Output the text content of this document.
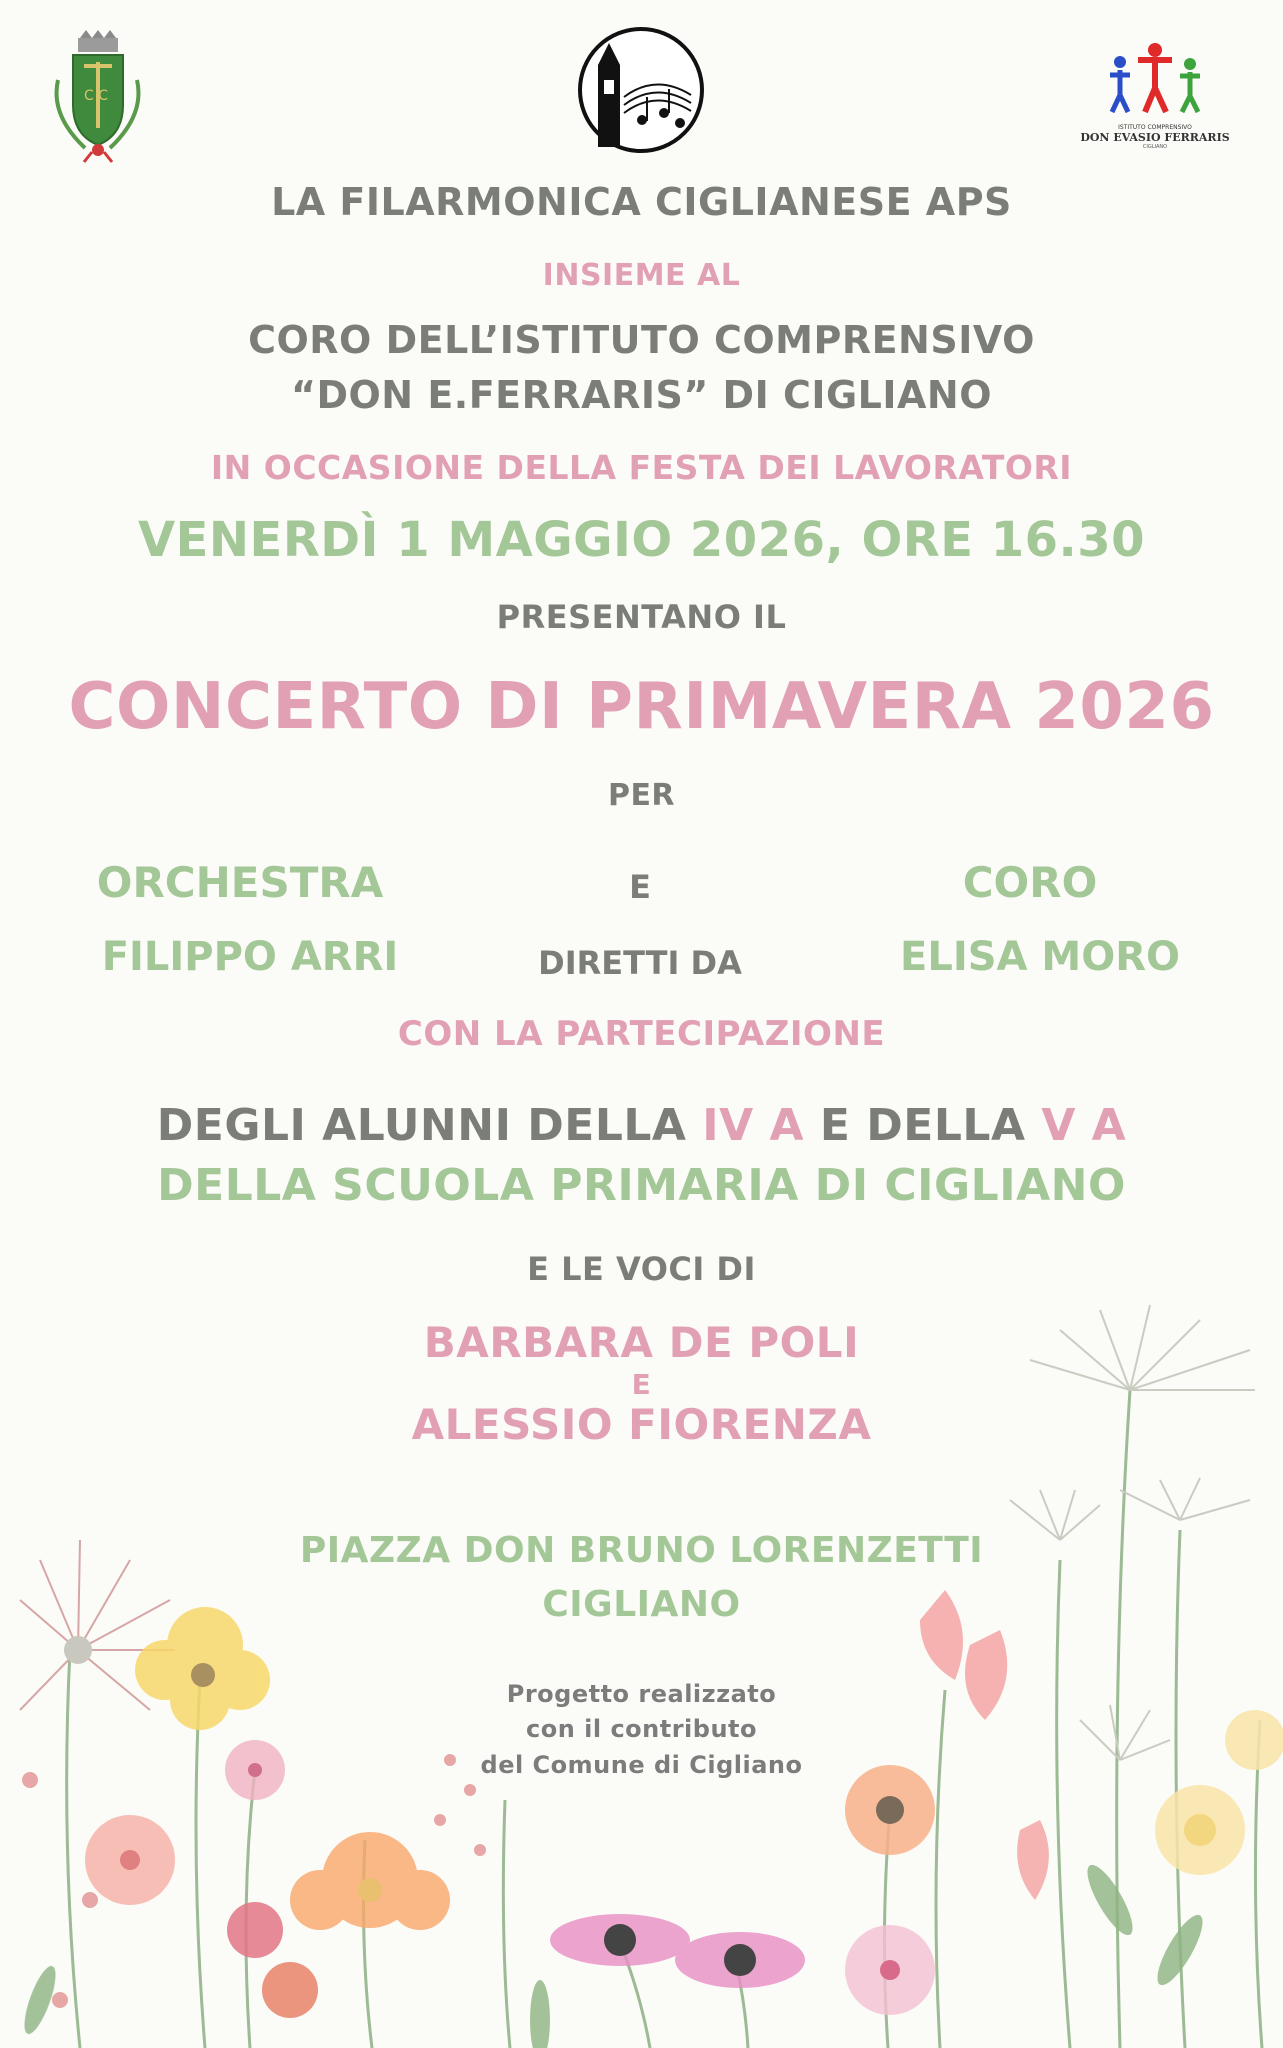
C C
ISTITUTO COMPRENSIVO
DON EVASIO FERRARIS
CIGLIANO
LA FILARMONICA CIGLIANESE APS
INSIEME AL
CORO DELL’ISTITUTO COMPRENSIVO
“DON E.FERRARIS” DI CIGLIANO
IN OCCASIONE DELLA FESTA DEI LAVORATORI
VENERDÌ 1 MAGGIO 2026, ORE 16.30
PRESENTANO IL
CONCERTO DI PRIMAVERA 2026
PER
ORCHESTRA	E	CORO
FILIPPO ARRI	DIRETTI DA	ELISA MORO
CON LA PARTECIPAZIONE
DEGLI ALUNNI DELLA IV A E DELLA V A
DELLA SCUOLA PRIMARIA DI CIGLIANO
E LE VOCI DI
BARBARA DE POLI
E
ALESSIO FIORENZA
PIAZZA DON BRUNO LORENZETTI
CIGLIANO
Progetto realizzato
con il contributo
del Comune di Cigliano
